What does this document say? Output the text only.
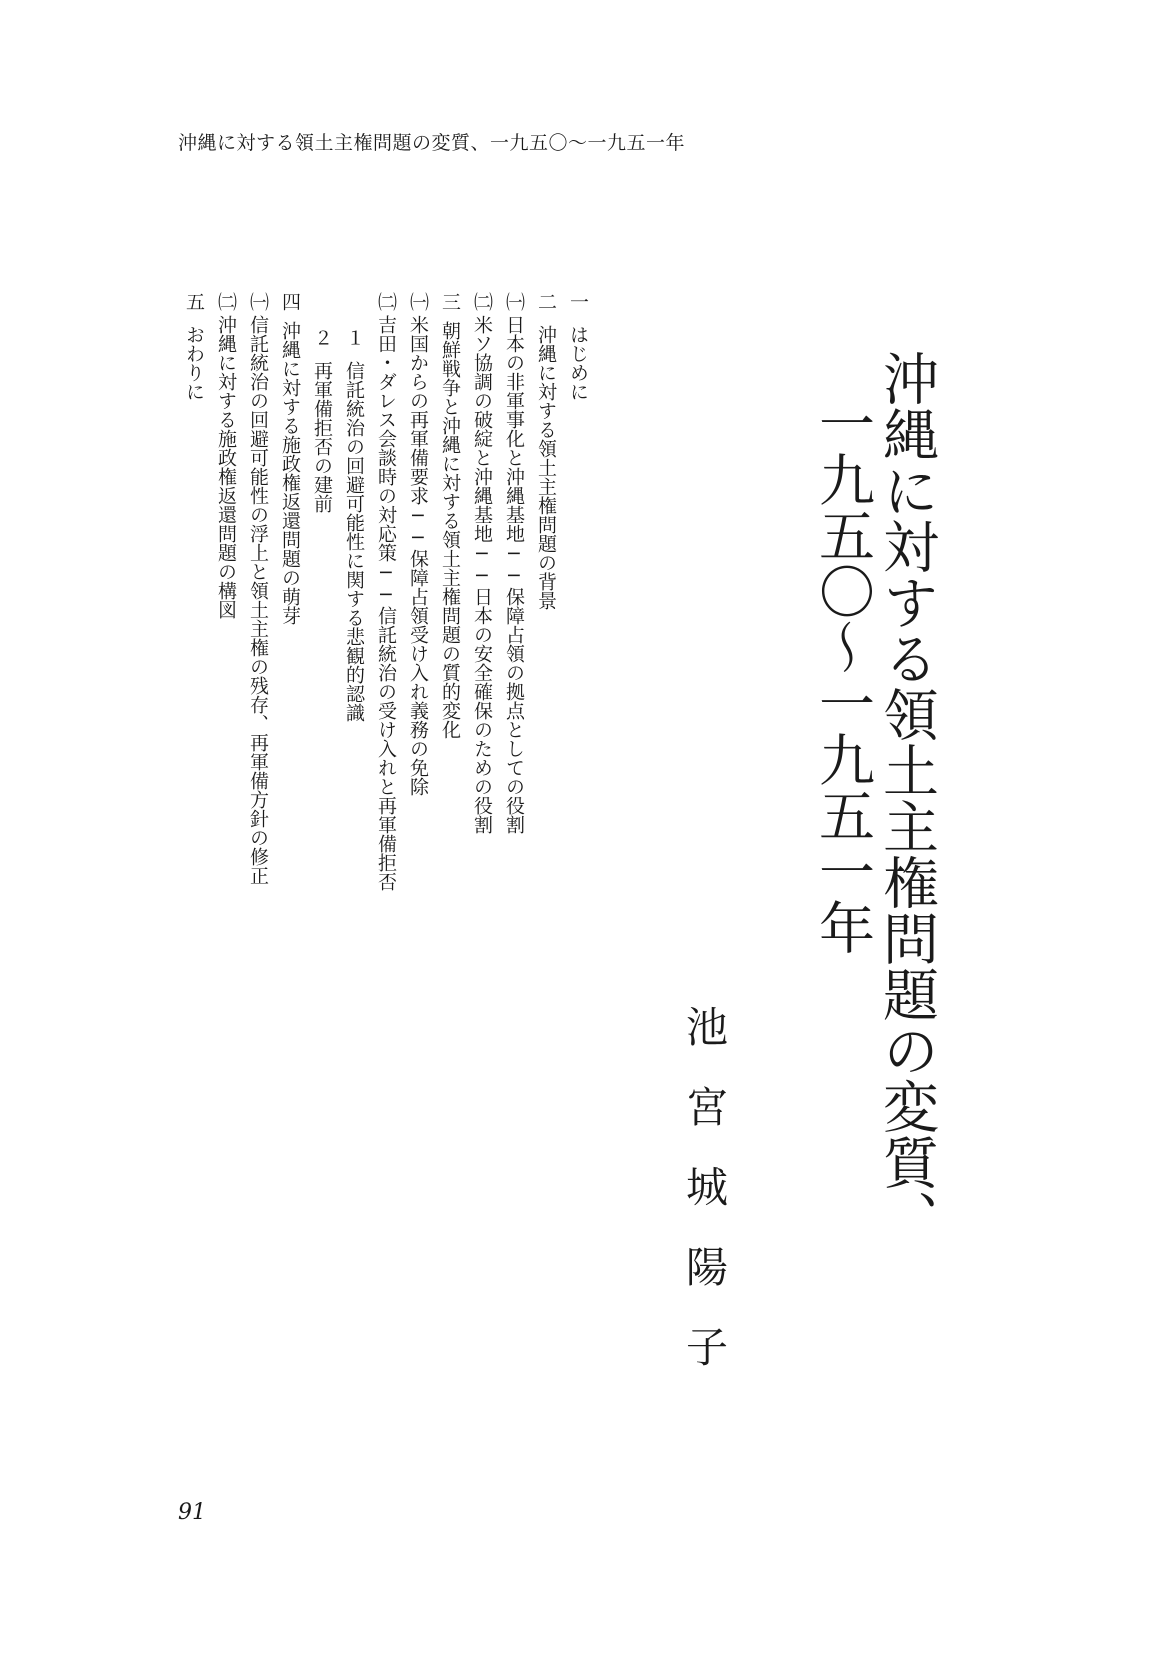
沖縄に対する領土主権問題の変質、一九五〇～一九五一年
沖縄に対する領土主権問題の変質、
一九五〇～一九五一年
池宮城陽子
一はじめに
二沖縄に対する領土主権問題の背景
㈠日本の非軍事化と沖縄基地──保障占領の拠点としての役割
㈡米ソ協調の破綻と沖縄基地──日本の安全確保のための役割
三朝鮮戦争と沖縄に対する領土主権問題の質的変化
㈠米国からの再軍備要求──保障占領受け入れ義務の免除
㈡吉田・ダレス会談時の対応策──信託統治の受け入れと再軍備拒否
１信託統治の回避可能性に関する悲観的認識
２再軍備拒否の建前
四沖縄に対する施政権返還問題の萌芽
㈠信託統治の回避可能性の浮上と領土主権の残存、再軍備方針の修正
㈡沖縄に対する施政権返還問題の構図
五おわりに
91
